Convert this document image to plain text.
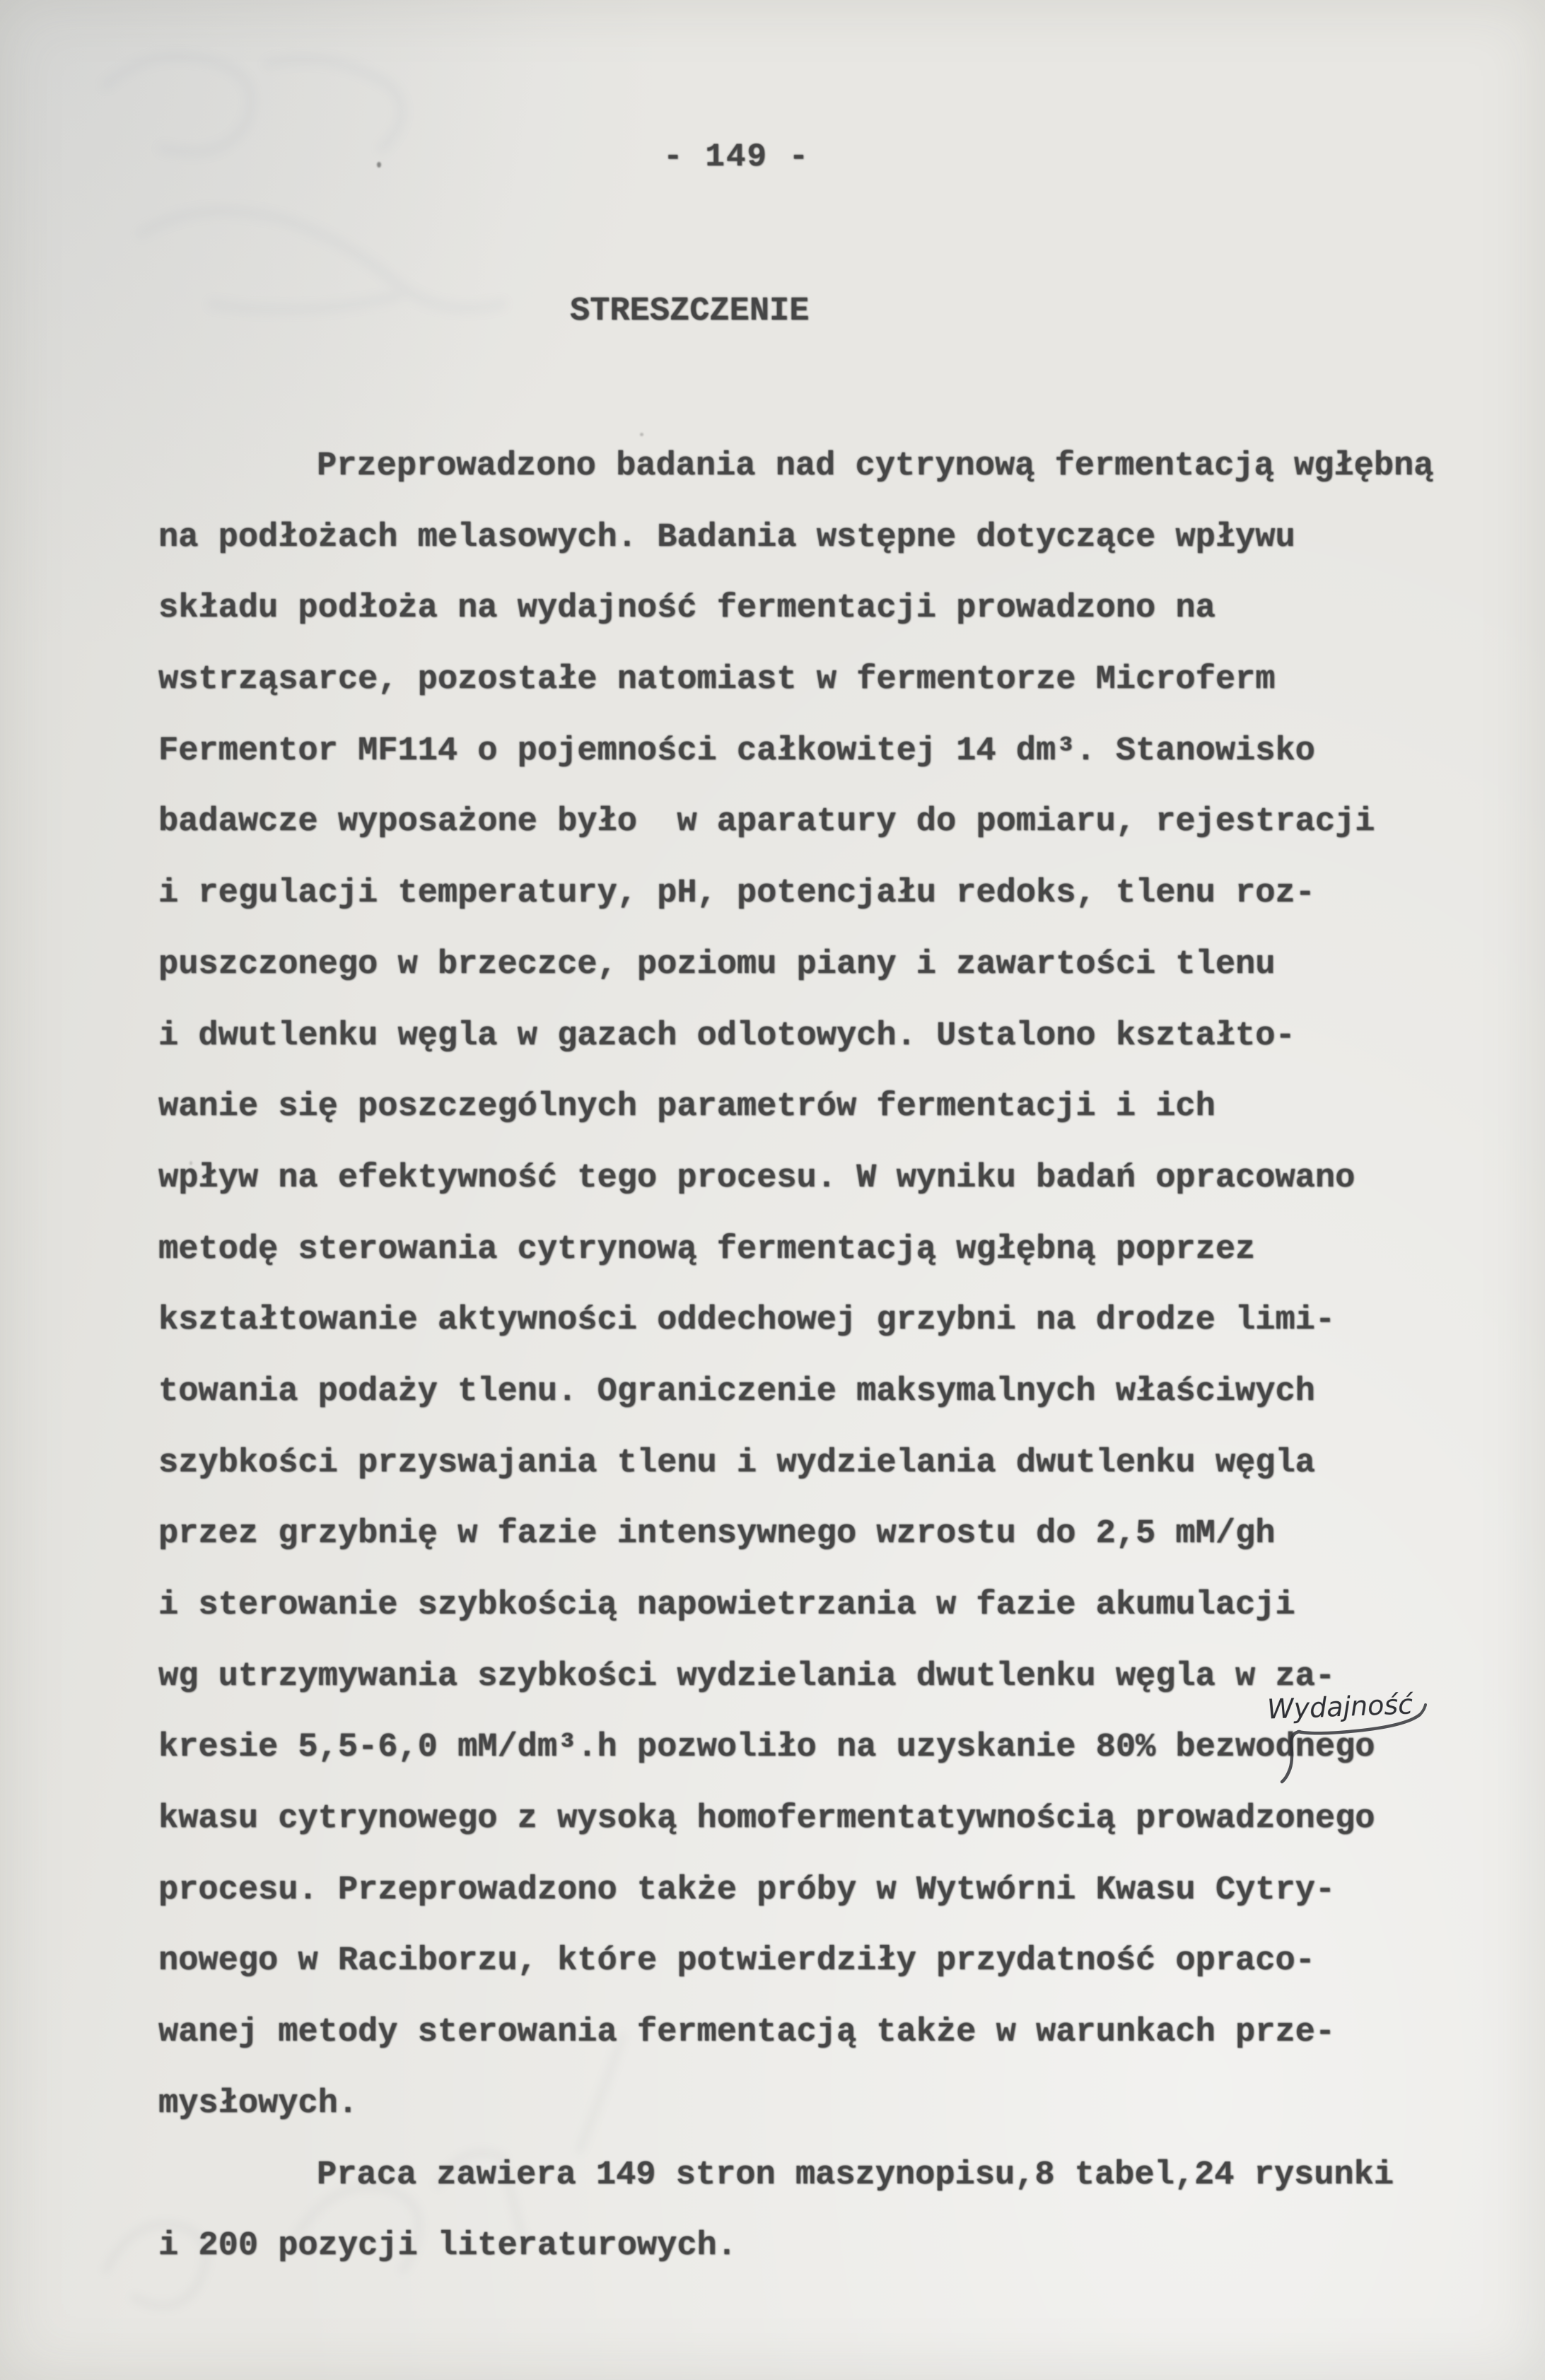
- 149 -
STRESZCZENIE
Przeprowadzono badania nad cytrynową fermentacją wgłębną
na podłożach melasowych. Badania wstępne dotyczące wpływu
składu podłoża na wydajność fermentacji prowadzono na
wstrząsarce, pozostałe natomiast w fermentorze Microferm
Fermentor MF114 o pojemności całkowitej 14 dm³. Stanowisko
badawcze wyposażone było  w aparatury do pomiaru, rejestracji
i regulacji temperatury, pH, potencjału redoks, tlenu roz-
puszczonego w brzeczce, poziomu piany i zawartości tlenu
i dwutlenku węgla w gazach odlotowych. Ustalono kształto-
wanie się poszczególnych parametrów fermentacji i ich
wpływ na efektywność tego procesu. W wyniku badań opracowano
metodę sterowania cytrynową fermentacją wgłębną poprzez
kształtowanie aktywności oddechowej grzybni na drodze limi-
towania podaży tlenu. Ograniczenie maksymalnych właściwych
szybkości przyswajania tlenu i wydzielania dwutlenku węgla
przez grzybnię w fazie intensywnego wzrostu do 2,5 mM/gh
i sterowanie szybkością napowietrzania w fazie akumulacji
wg utrzymywania szybkości wydzielania dwutlenku węgla w za-
kresie 5,5-6,0 mM/dm³.h pozwoliło na uzyskanie 80% bezwodnego
kwasu cytrynowego z wysoką homofermentatywnością prowadzonego
procesu. Przeprowadzono także próby w Wytwórni Kwasu Cytry-
nowego w Raciborzu, które potwierdziły przydatność opraco-
wanej metody sterowania fermentacją także w warunkach prze-
mysłowych.
Praca zawiera 149 stron maszynopisu,8 tabel,24 rysunki
i 200 pozycji literaturowych.
Wydajność
